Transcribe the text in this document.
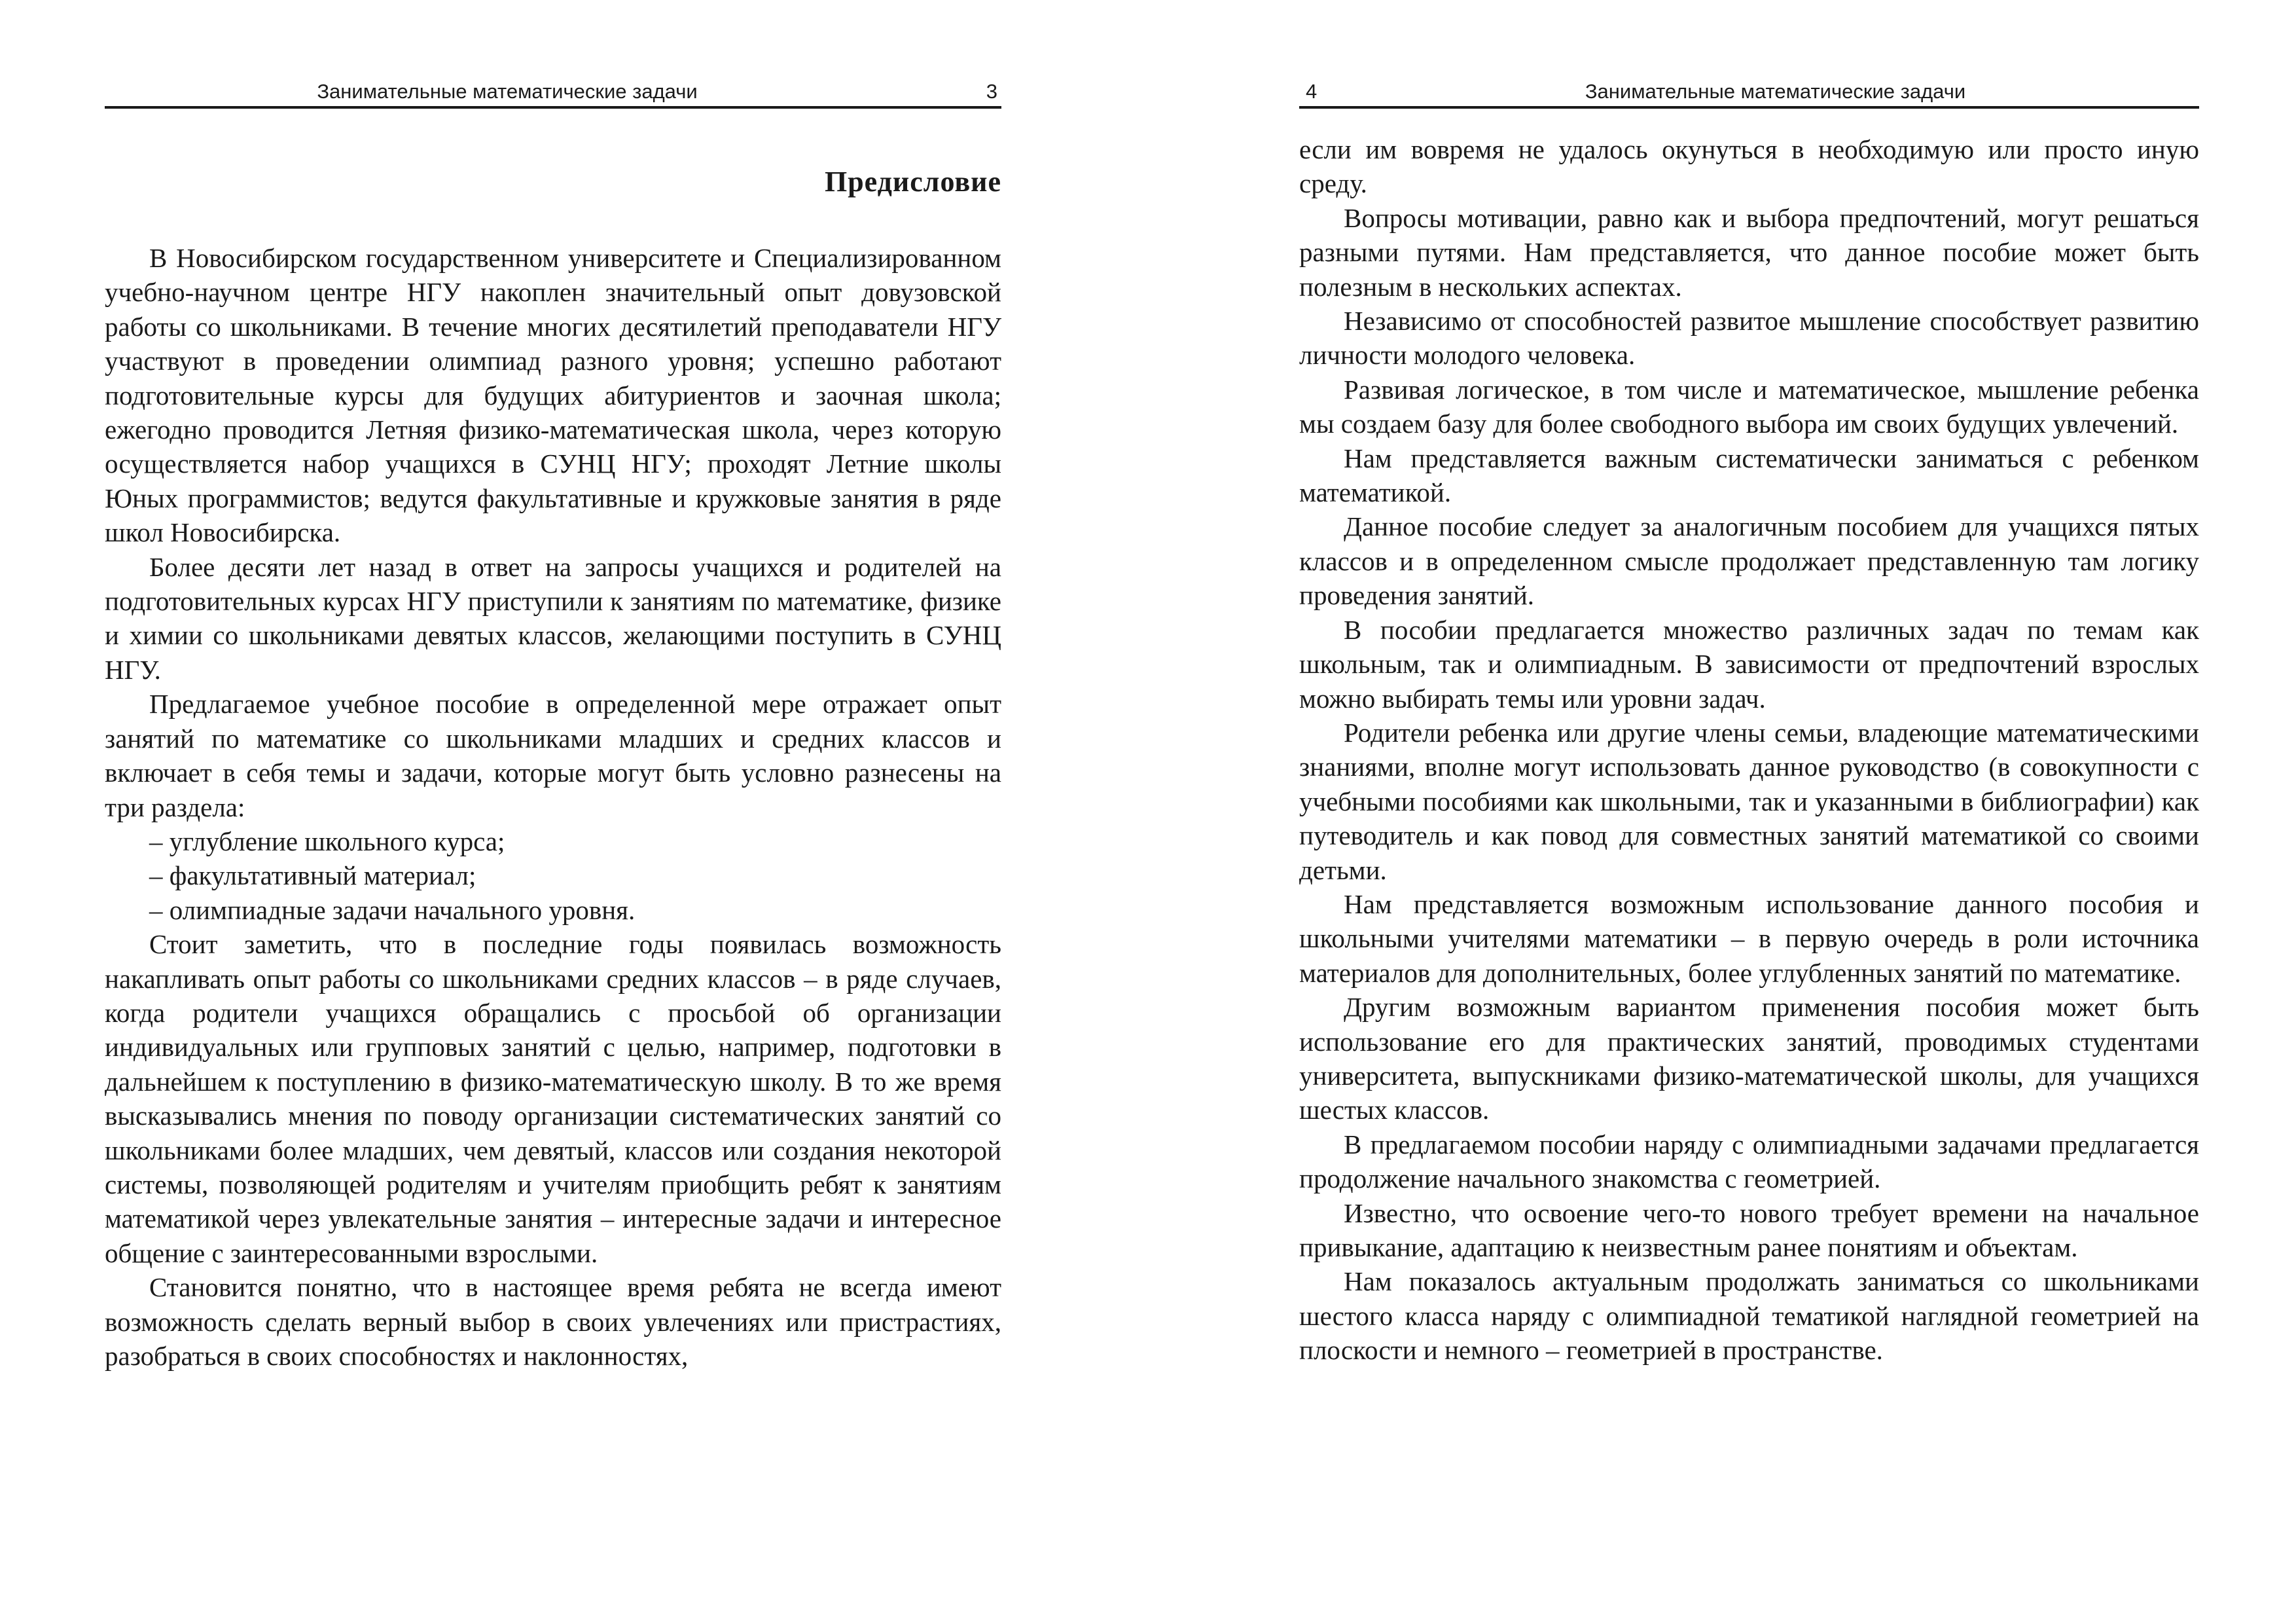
Занимательные математические задачи	3
Предисловие

В Новосибирском государственном университете и Специализированном учебно-научном центре НГУ накоплен значительный опыт довузовской работы со школьниками. В течение многих десятилетий преподаватели НГУ участвуют в проведении олимпиад разного уровня; успешно работают подготовительные курсы для будущих абитуриентов и заочная школа; ежегодно проводится Летняя физико-математическая школа, через которую осуществляется набор учащихся в СУНЦ НГУ; проходят Летние школы Юных программистов; ведутся факультативные и кружковые занятия в ряде школ Новосибирска.

Более десяти лет назад в ответ на запросы учащихся и родителей на подготовительных курсах НГУ приступили к занятиям по математике, физике и химии со школьниками девятых классов, желающими поступить в СУНЦ НГУ.

Предлагаемое учебное пособие в определенной мере отражает опыт занятий по математике со школьниками младших и средних классов и включает в себя темы и задачи, которые могут быть условно разнесены на три раздела:

– углубление школьного курса;

– факультативный материал;

– олимпиадные задачи начального уровня.

Стоит заметить, что в последние годы появилась возможность накапливать опыт работы со школьниками средних классов – в ряде случаев, когда родители учащихся обращались с просьбой об организации индивидуальных или групповых занятий с целью, например, подготовки в дальнейшем к поступлению в физико-математическую школу. В то же время высказывались мнения по поводу организации систематических занятий со школьниками более младших, чем девятый, классов или создания некоторой системы, позволяющей родителям и учителям приобщить ребят к занятиям математикой через увлекательные занятия – интересные задачи и интересное общение с заинтересованными взрослыми.

Становится понятно, что в настоящее время ребята не всегда имеют возможность сделать верный выбор в своих увлечениях или пристрастиях, разобраться в своих способностях и наклонностях,

4	Занимательные математические задачи

если им вовремя не удалось окунуться в необходимую или просто иную среду.

Вопросы мотивации, равно как и выбора предпочтений, могут решаться разными путями. Нам представляется, что данное пособие может быть полезным в нескольких аспектах.

Независимо от способностей развитое мышление способствует развитию личности молодого человека.

Развивая логическое, в том числе и математическое, мышление ребенка мы создаем базу для более свободного выбора им своих будущих увлечений.

Нам представляется важным систематически заниматься с ребенком математикой.

Данное пособие следует за аналогичным пособием для учащихся пятых классов и в определенном смысле продолжает представленную там логику проведения занятий.

В пособии предлагается множество различных задач по темам как школьным, так и олимпиадным. В зависимости от предпочтений взрослых можно выбирать темы или уровни задач.

Родители ребенка или другие члены семьи, владеющие математическими знаниями, вполне могут использовать данное руководство (в совокупности с учебными пособиями как школьными, так и указанными в библиографии) как путеводитель и как повод для совместных занятий математикой со своими детьми.

Нам представляется возможным использование данного пособия и школьными учителями математики – в первую очередь в роли источника материалов для дополнительных, более углубленных занятий по математике.

Другим возможным вариантом применения пособия может быть использование его для практических занятий, проводимых студентами университета, выпускниками физико-математической школы, для учащихся шестых классов.

В предлагаемом пособии наряду с олимпиадными задачами предлагается продолжение начального знакомства с геометрией.

Известно, что освоение чего-то нового требует времени на начальное привыкание, адаптацию к неизвестным ранее понятиям и объектам.

Нам показалось актуальным продолжать заниматься со школьниками шестого класса наряду с олимпиадной тематикой наглядной геометрией на плоскости и немного – геометрией в пространстве.
